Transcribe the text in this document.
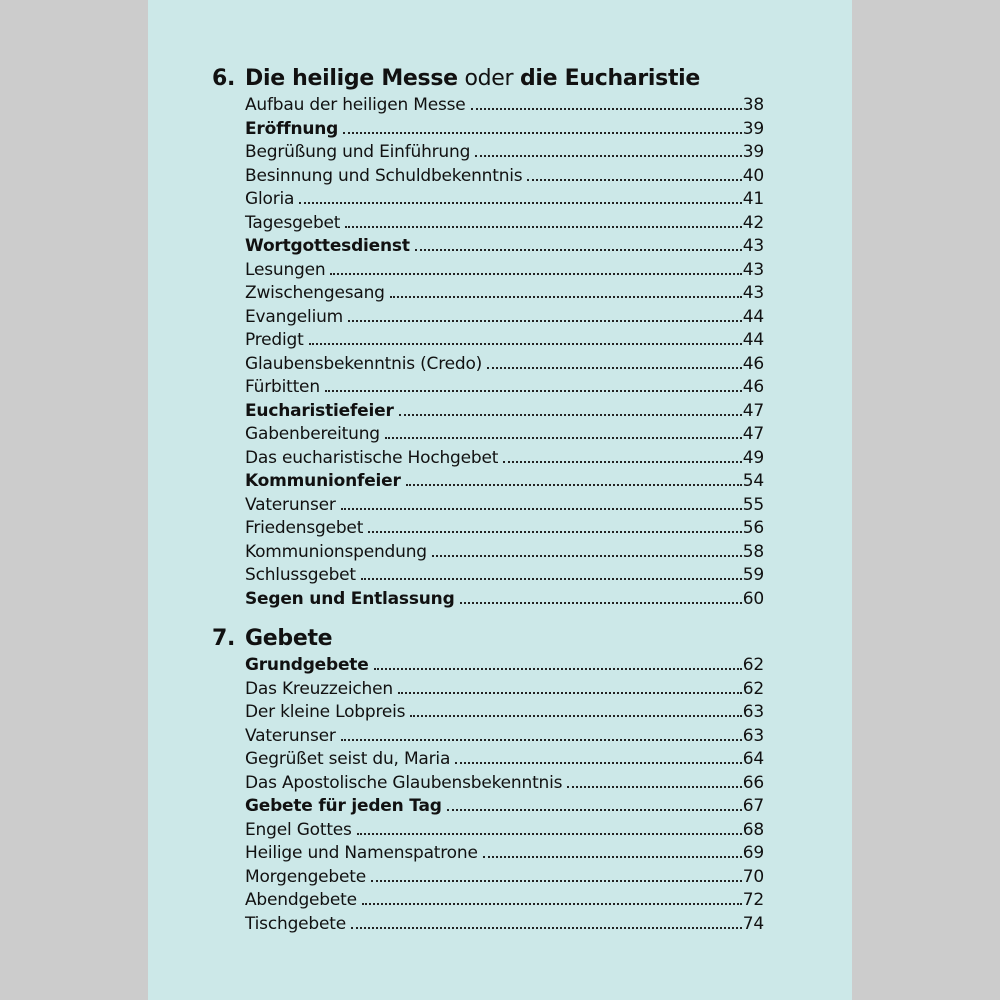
6. Die heilige Messe oder die Eucharistie
Aufbau der heiligen Messe	38
Eröffnung	39
Begrüßung und Einführung	39
Besinnung und Schuldbekenntnis	40
Gloria	41
Tagesgebet	42
Wortgottesdienst	43
Lesungen	43
Zwischengesang	43
Evangelium	44
Predigt	44
Glaubensbekenntnis (Credo)	46
Fürbitten	46
Eucharistiefeier	47
Gabenbereitung	47
Das eucharistische Hochgebet	49
Kommunionfeier	54
Vaterunser	55
Friedensgebet	56
Kommunionspendung	58
Schlussgebet	59
Segen und Entlassung	60
7. Gebete
Grundgebete	62
Das Kreuzzeichen	62
Der kleine Lobpreis	63
Vaterunser	63
Gegrüßet seist du, Maria	64
Das Apostolische Glaubensbekenntnis	66
Gebete für jeden Tag	67
Engel Gottes	68
Heilige und Namenspatrone	69
Morgengebete	70
Abendgebete	72
Tischgebete	74
